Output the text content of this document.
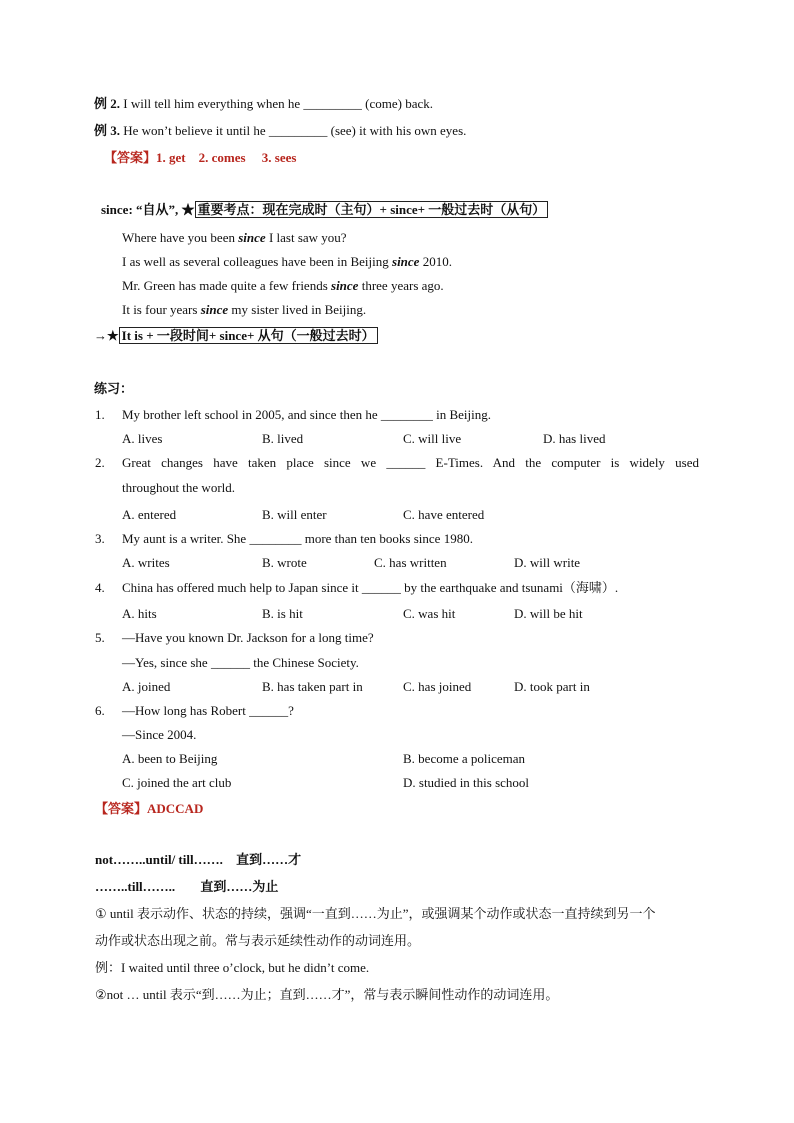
例 2. I will tell him everything when he _________ (come) back.
例 3. He won’t believe it until he _________ (see) it with his own eyes.
【答案】1. get    2. comes     3. sees
since: “自从”, ★ 重要考点：现在完成时（主句）+ since+ 一般过去时（从句）
Where have you been since I last saw you?
I as well as several colleagues have been in Beijing since 2010.
Mr. Green has made quite a few friends since three years ago.
It is four years since my sister lived in Beijing.
→★ It is + 一段时间+ since+ 从句（一般过去时）
练习：
1. My brother left school in 2005, and since then he ________ in Beijing.
A. lives	B. lived	C. will live	D. has lived
2. Great changes have taken place since we ______ E-Times. And the computer is widely used
throughout the world.
A. entered	B. will enter	C. have entered
3. My aunt is a writer. She ________ more than ten books since 1980.
A. writes	B. wrote	C. has written	D. will write
4. China has offered much help to Japan since it ______ by the earthquake and tsunami（海啸）.
A. hits	B. is hit	C. was hit	D. will be hit
5. —Have you known Dr. Jackson for a long time?
—Yes, since she ______ the Chinese Society.
A. joined	B. has taken part in	C. has joined	D. took part in
6. —How long has Robert ______?
—Since 2004.
A. been to Beijing	B. become a policeman
C. joined the art club	D. studied in this school
【答案】ADCCAD
not……..until/ till……. 直到……才
……..till…….. 直到……为止
① until 表示动作、状态的持续，强调“一直到……为止”，或强调某个动作或状态一直持续到另一个
动作或状态出现之前。常与表示延续性动作的动词连用。
例：I waited until three o’clock, but he didn’t come.
②not … until 表示“到……为止；直到……才”，常与表示瞬间性动作的动词连用。
